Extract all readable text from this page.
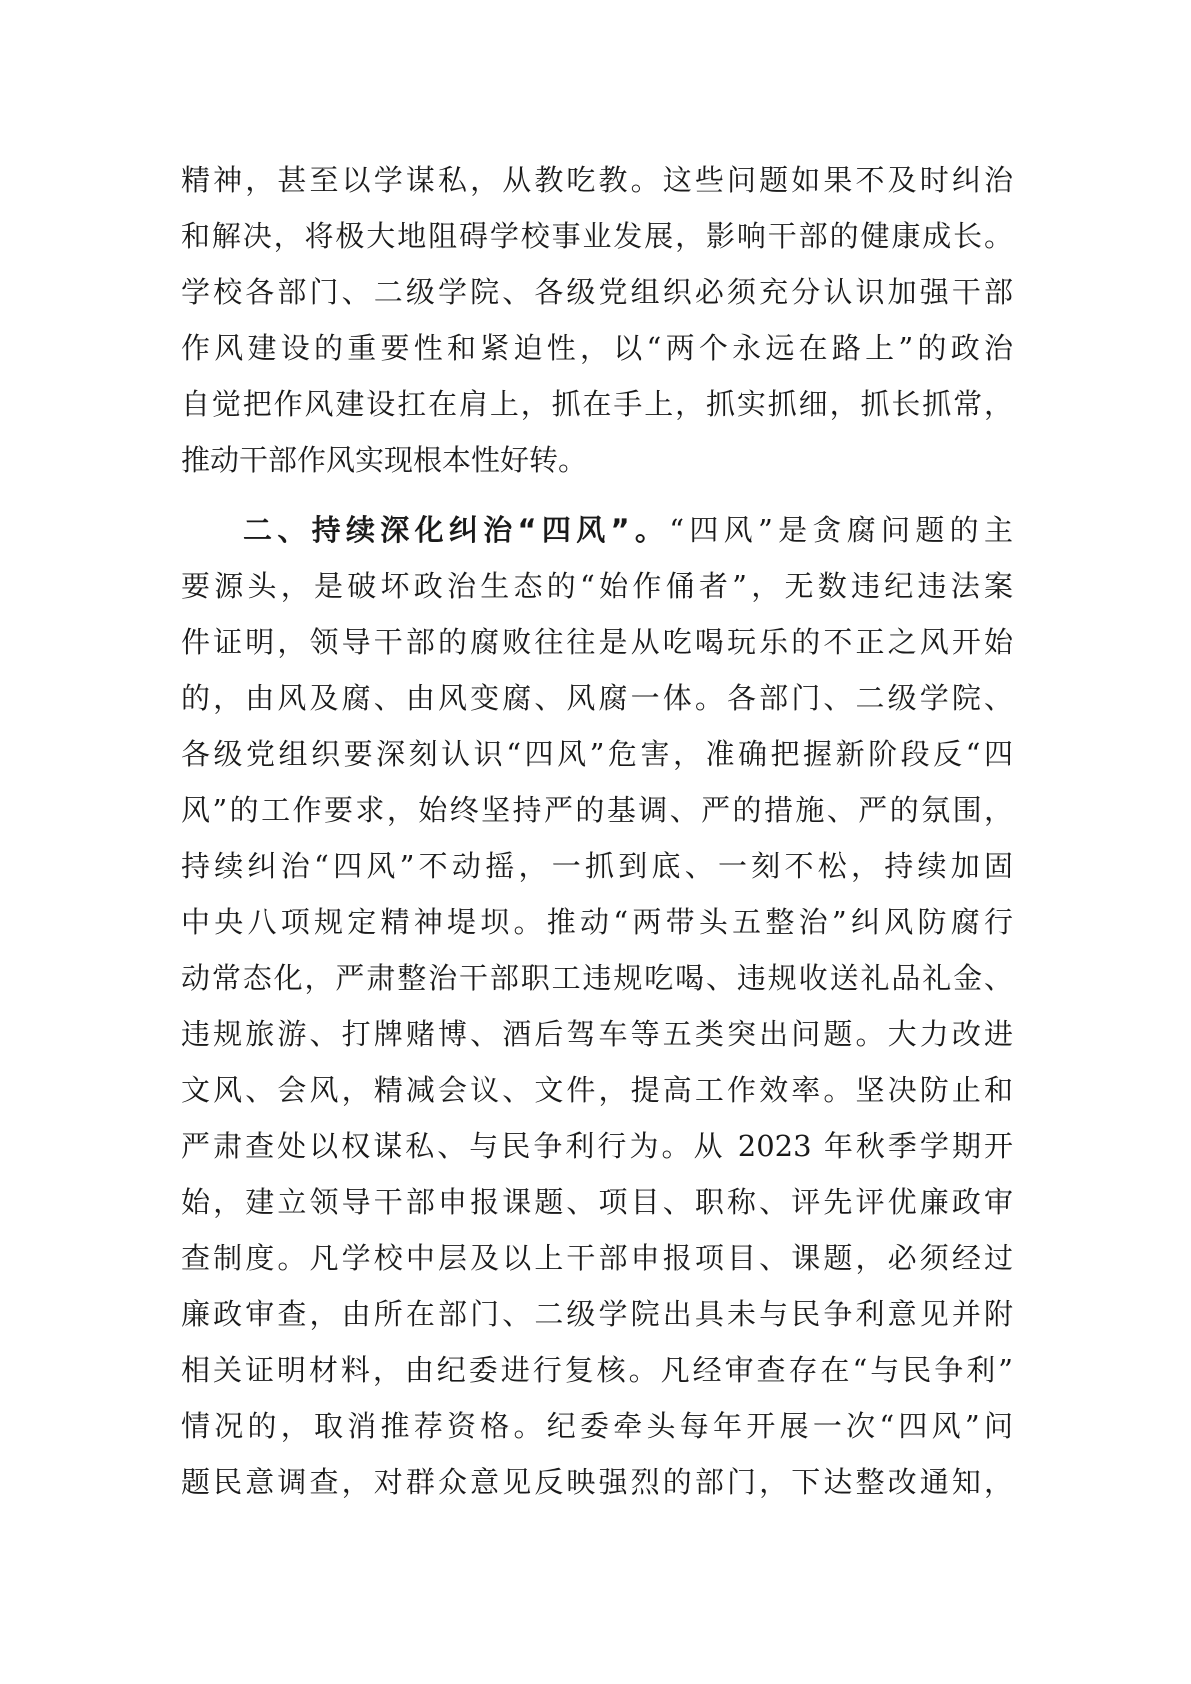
精神，甚至以学谋私，从教吃教。这些问题如果不及时纠治
和解决，将极大地阻碍学校事业发展，影响干部的健康成长。
学校各部门、二级学院、各级党组织必须充分认识加强干部
作风建设的重要性和紧迫性，以“两个永远在路上”的政治
自觉把作风建设扛在肩上，抓在手上，抓实抓细，抓长抓常，
推动干部作风实现根本性好转。
二、持续深化纠治“四风”。“四风”是贪腐问题的主
要源头，是破坏政治生态的“始作俑者”，无数违纪违法案
件证明，领导干部的腐败往往是从吃喝玩乐的不正之风开始
的，由风及腐、由风变腐、风腐一体。各部门、二级学院、
各级党组织要深刻认识“四风”危害，准确把握新阶段反“四
风”的工作要求，始终坚持严的基调、严的措施、严的氛围，
持续纠治“四风”不动摇，一抓到底、一刻不松，持续加固
中央八项规定精神堤坝。推动“两带头五整治”纠风防腐行
动常态化，严肃整治干部职工违规吃喝、违规收送礼品礼金、
违规旅游、打牌赌博、酒后驾车等五类突出问题。大力改进
文风、会风，精减会议、文件，提高工作效率。坚决防止和
严肃查处以权谋私、与民争利行为。从 2023 年秋季学期开
始，建立领导干部申报课题、项目、职称、评先评优廉政审
查制度。凡学校中层及以上干部申报项目、课题，必须经过
廉政审查，由所在部门、二级学院出具未与民争利意见并附
相关证明材料，由纪委进行复核。凡经审查存在“与民争利”
情况的，取消推荐资格。纪委牵头每年开展一次“四风”问
题民意调查，对群众意见反映强烈的部门，下达整改通知，
